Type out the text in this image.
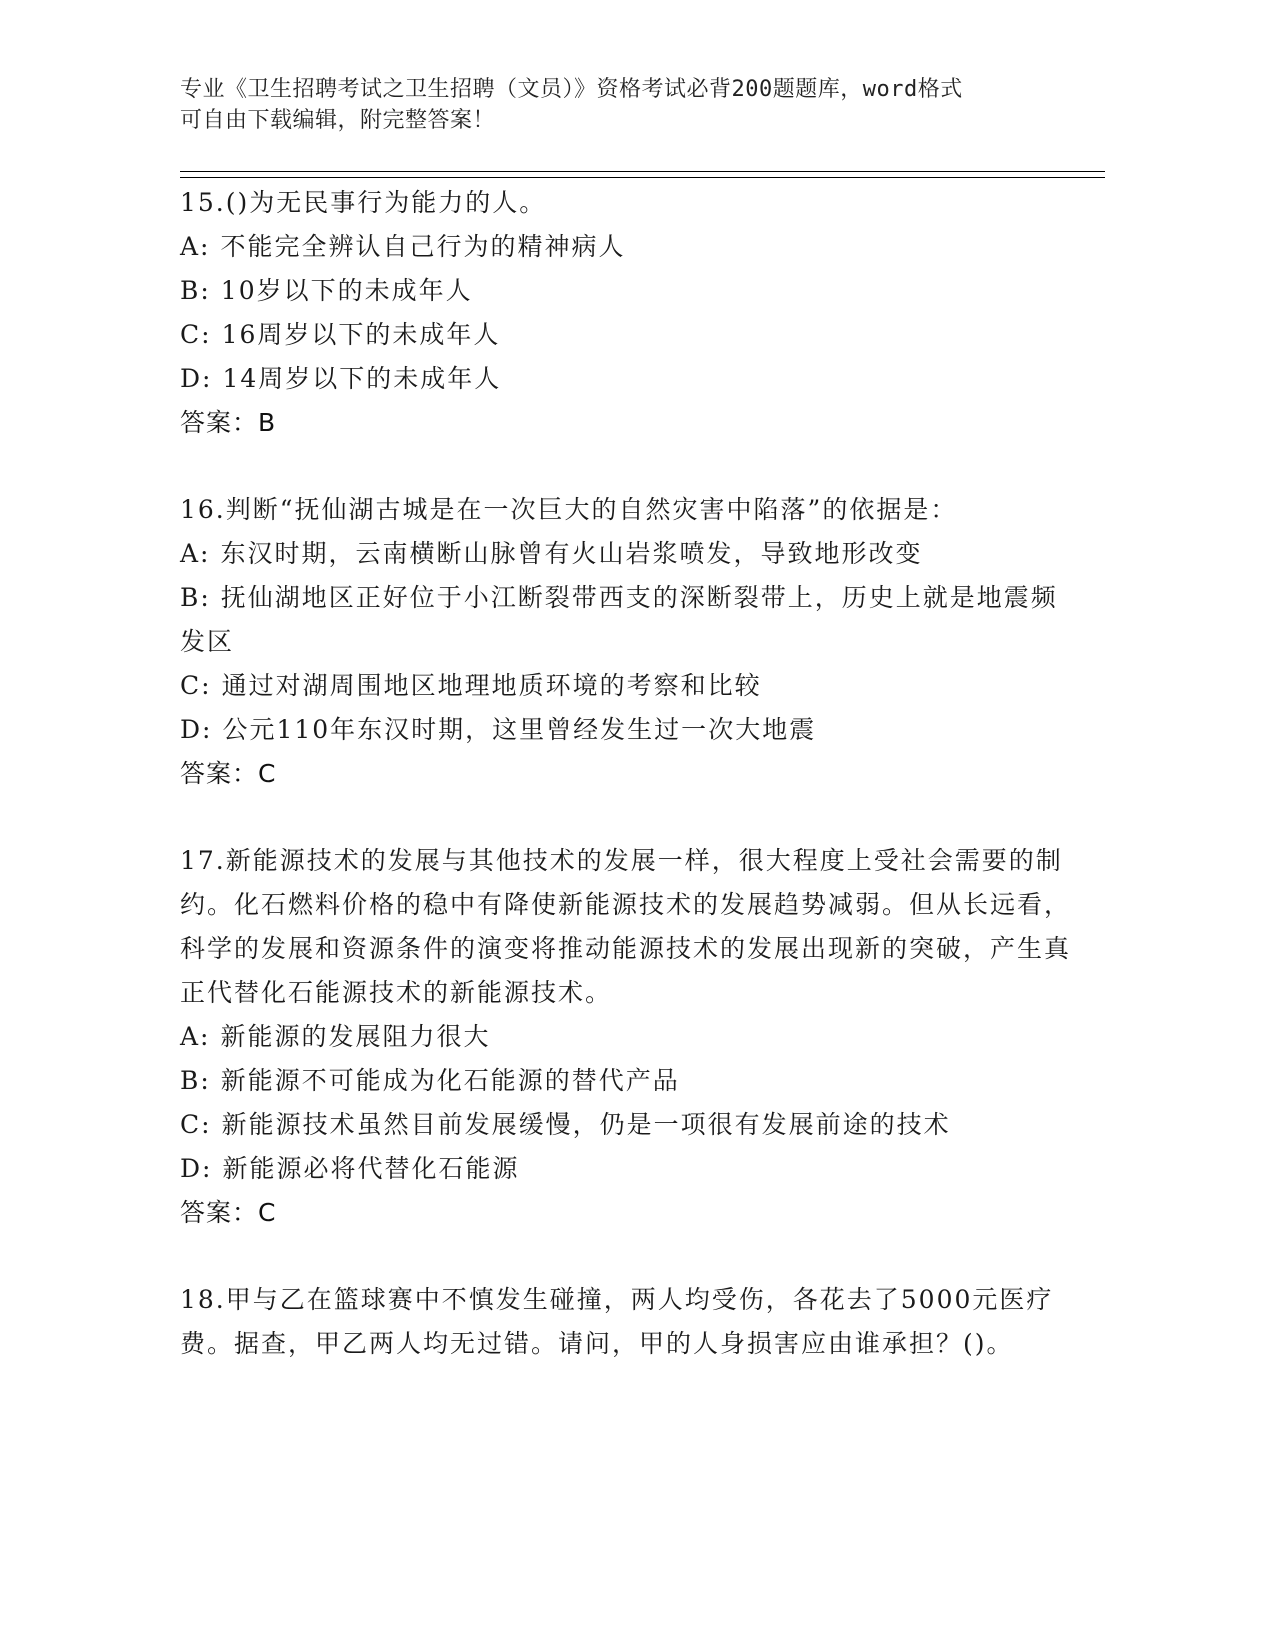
专业《卫生招聘考试之卫生招聘（文员）》资格考试必背200题题库，word格式
可自由下载编辑，附完整答案！
15.()为无民事行为能力的人。
A: 不能完全辨认自己行为的精神病人
B: 10岁以下的未成年人
C: 16周岁以下的未成年人
D: 14周岁以下的未成年人
答案：B
16.判断“抚仙湖古城是在一次巨大的自然灾害中陷落”的依据是：
A: 东汉时期，云南横断山脉曾有火山岩浆喷发，导致地形改变
B: 抚仙湖地区正好位于小江断裂带西支的深断裂带上，历史上就是地震频发区
C: 通过对湖周围地区地理地质环境的考察和比较
D: 公元110年东汉时期，这里曾经发生过一次大地震
答案：C
17.新能源技术的发展与其他技术的发展一样，很大程度上受社会需要的制约。化石燃料价格的稳中有降使新能源技术的发展趋势减弱。但从长远看，科学的发展和资源条件的演变将推动能源技术的发展出现新的突破，产生真正代替化石能源技术的新能源技术。
A: 新能源的发展阻力很大
B: 新能源不可能成为化石能源的替代产品
C: 新能源技术虽然目前发展缓慢，仍是一项很有发展前途的技术
D: 新能源必将代替化石能源
答案：C
18.甲与乙在篮球赛中不慎发生碰撞，两人均受伤，各花去了5000元医疗费。据查，甲乙两人均无过错。请问，甲的人身损害应由谁承担？()。
